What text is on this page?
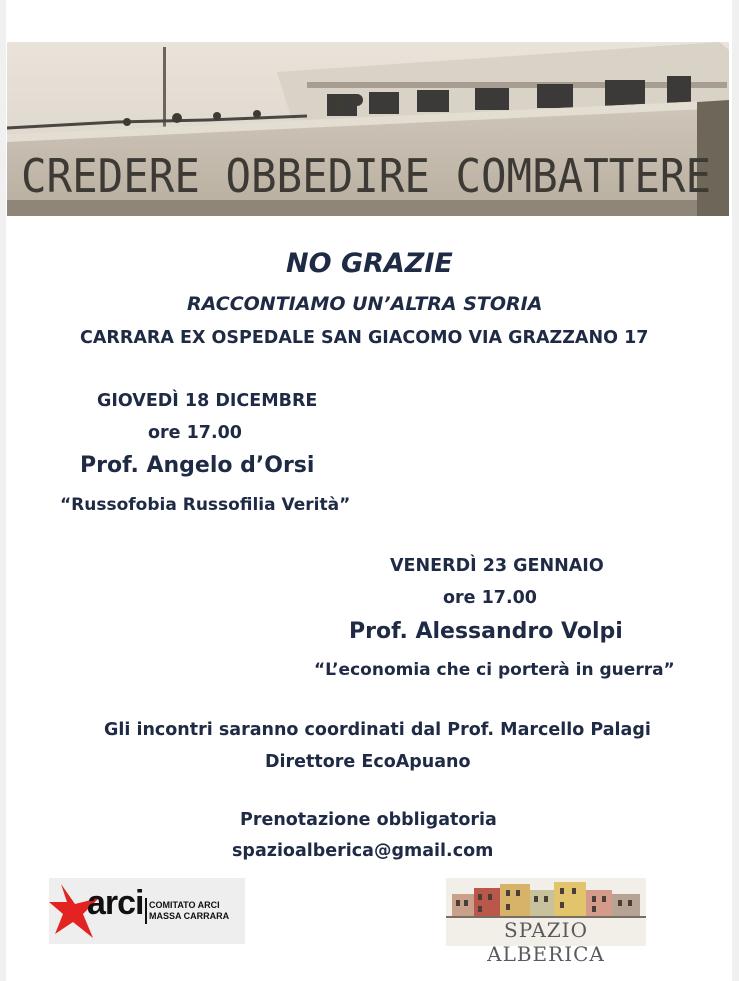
CREDERE OBBEDIRE COMBATTERE
NO GRAZIE
RACCONTIAMO UN’ALTRA STORIA
CARRARA EX OSPEDALE SAN GIACOMO VIA GRAZZANO 17
GIOVEDÌ 18 DICEMBRE
ore 17.00
Prof. Angelo d’Orsi
“Russofobia Russofilia Verità”
VENERDÌ 23 GENNAIO
ore 17.00
Prof. Alessandro Volpi
“L’economia che ci porterà in guerra”
Gli incontri saranno coordinati dal Prof. Marcello Palagi
Direttore EcoApuano
Prenotazione obbligatoria
spazioalberica@gmail.com
arci COMITATO ARCI
MASSA CARRARA
SPAZIO ALBERICA
